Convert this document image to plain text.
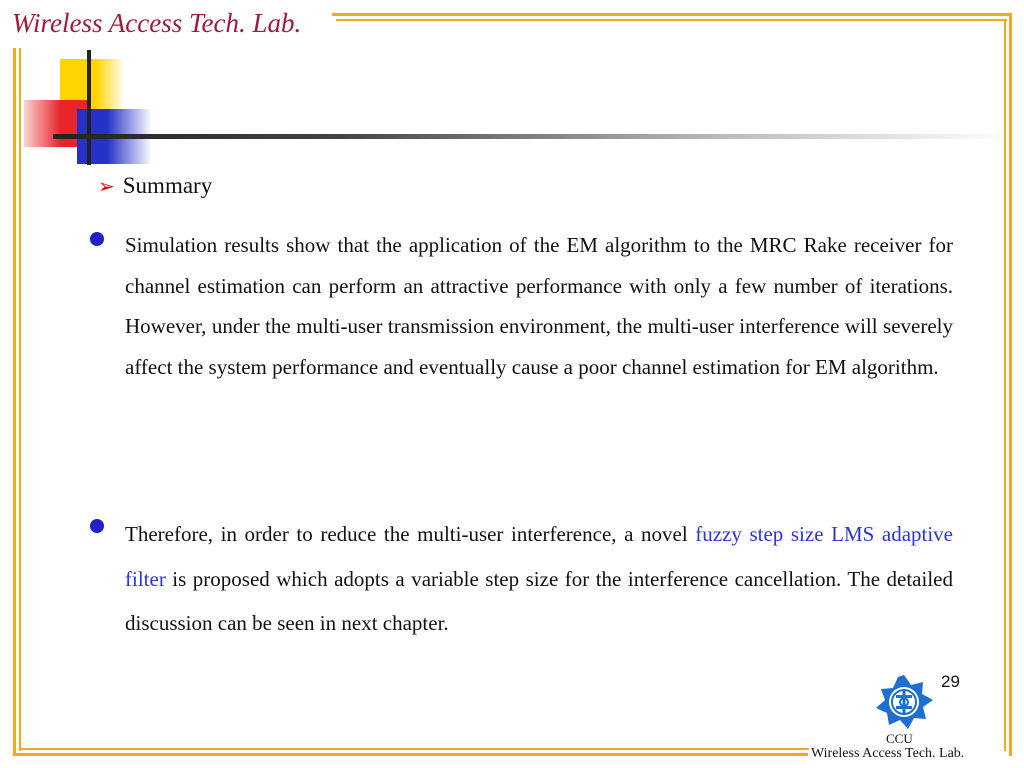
Wireless Access Tech. Lab.
➢ Summary
Simulation results show that the application of the EM algorithm to the MRC Rake receiver for channel estimation can perform an attractive performance with only a few number of iterations. However, under the multi-user transmission environment, the multi-user interference will severely affect the system performance and eventually cause a poor channel estimation for EM algorithm.
Therefore, in order to reduce the multi-user interference, a novel fuzzy step size LMS adaptive filter is proposed which adopts a variable step size for the interference cancellation. The detailed discussion can be seen in next chapter.
29
CCU
Wireless Access Tech. Lab.
